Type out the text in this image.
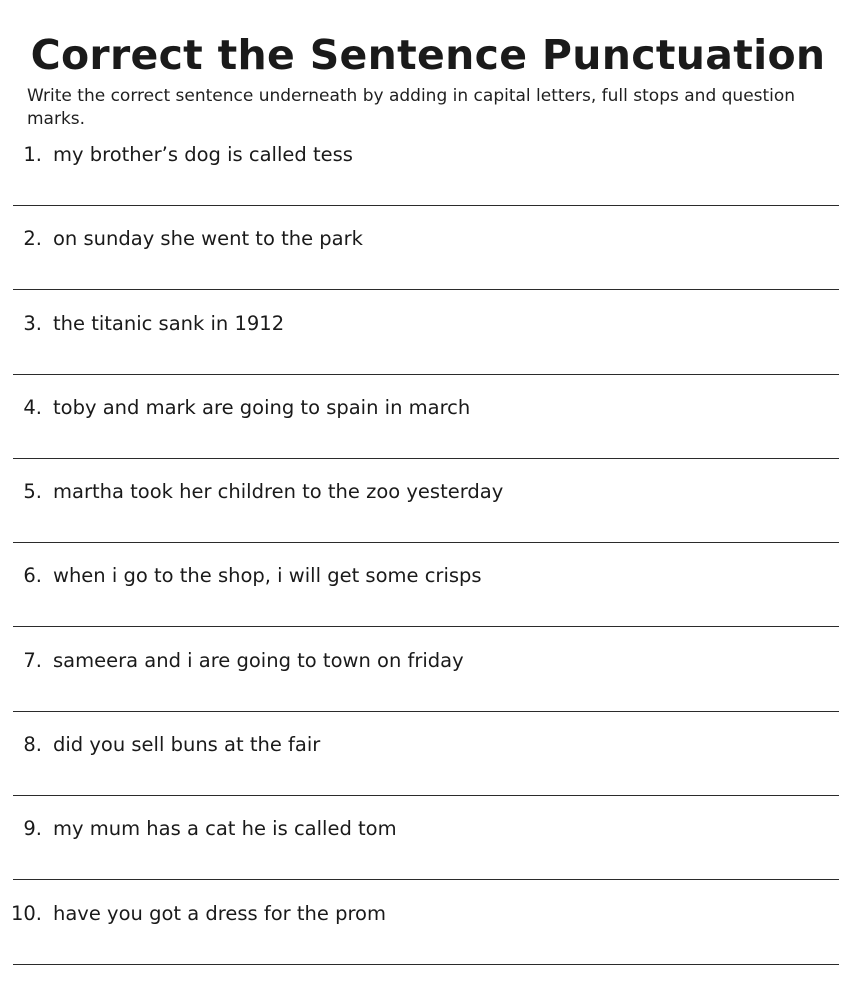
Correct the Sentence Punctuation

Write the correct sentence underneath by adding in capital letters, full stops and question marks.

1. my brother’s dog is called tess
2. on sunday she went to the park
3. the titanic sank in 1912
4. toby and mark are going to spain in march
5. martha took her children to the zoo yesterday
6. when i go to the shop, i will get some crisps
7. sameera and i are going to town on friday
8. did you sell buns at the fair
9. my mum has a cat he is called tom
10. have you got a dress for the prom
